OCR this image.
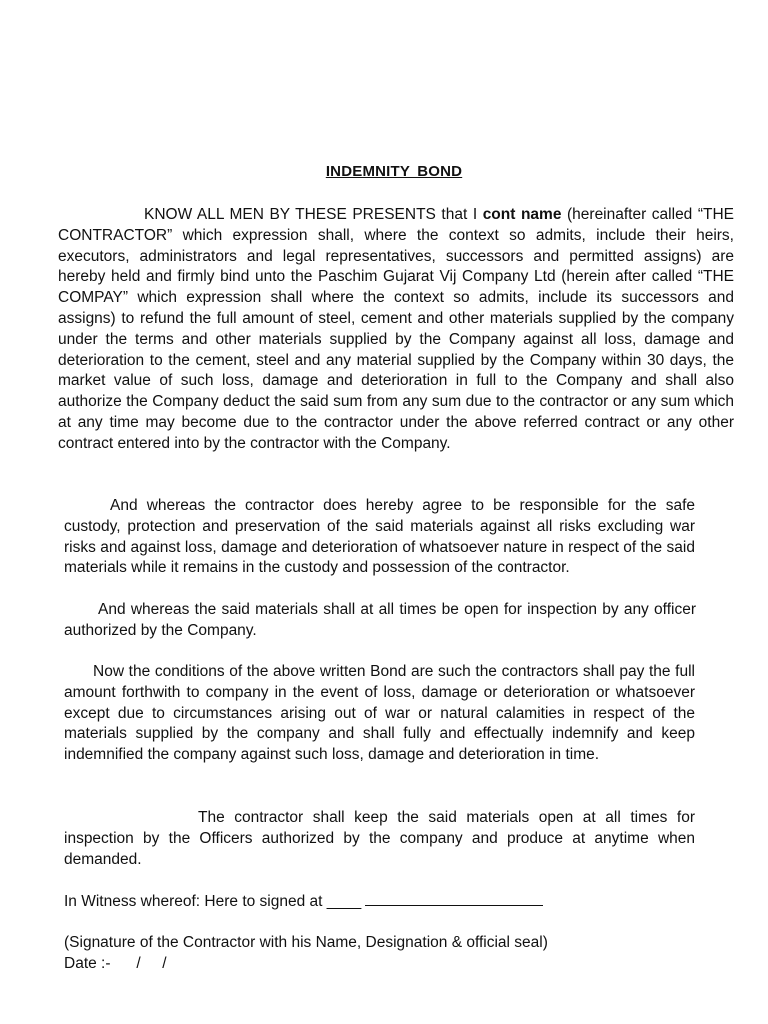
INDEMNITY BOND

KNOW ALL MEN BY THESE PRESENTS that I cont name (hereinafter called “THE CONTRACTOR” which expression shall, where the context so admits, include their heirs, executors, administrators and legal representatives, successors and permitted assigns) are hereby held and firmly bind unto the Paschim Gujarat Vij Company Ltd (herein after called “THE COMPAY” which expression shall where the context so admits, include its successors and assigns) to refund the full amount of steel, cement and other materials supplied by the company under the terms and other materials supplied by the Company against all loss, damage and deterioration to the cement, steel and any material supplied by the Company within 30 days, the market value of such loss, damage and deterioration in full to the Company and shall also authorize the Company deduct the said sum from any sum due to the contractor or any sum which at any time may become due to the contractor under the above referred contract or any other contract entered into by the contractor with the Company.

And whereas the contractor does hereby agree to be responsible for the safe custody, protection and preservation of the said materials against all risks excluding war risks and against loss, damage and deterioration of whatsoever nature in respect of the said materials while it remains in the custody and possession of the contractor.

And whereas the said materials shall at all times be open for inspection by any officer authorized by the Company.

Now the conditions of the above written Bond are such the contractors shall pay the full amount forthwith to company in the event of loss, damage or deterioration or whatsoever except due to circumstances arising out of war or natural calamities in respect of the materials supplied by the company and shall fully and effectually indemnify and keep indemnified the company against such loss, damage and deterioration in time.

The contractor shall keep the said materials open at all times for inspection by the Officers authorized by the company and produce at anytime when demanded.

In Witness whereof: Here to signed at ____
(Signature of the Contractor with his Name, Designation & official seal)
Date :-      /     /
